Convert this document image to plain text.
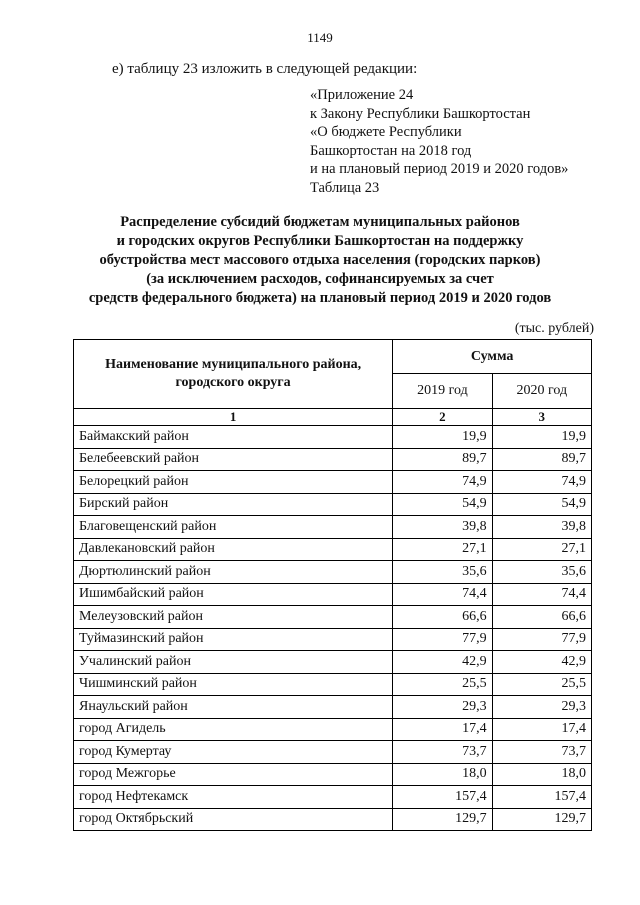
1149
е) таблицу 23 изложить в следующей редакции:
«Приложение 24
к Закону Республики Башкортостан
«О бюджете Республики
Башкортостан на 2018 год
и на плановый период 2019 и 2020 годов»
Таблица 23
Распределение субсидий бюджетам муниципальных районов
и городских округов Республики Башкортостан на поддержку
обустройства мест массового отдыха населения (городских парков)
(за исключением расходов, софинансируемых за счет
средств федерального бюджета) на плановый период 2019 и 2020 годов
(тыс. рублей)
Наименование муниципального района,
городского округа	Сумма	
	2019 год	2020 год
1	2	3
Баймакский район	19,9	19,9
Белебеевский район	89,7	89,7
Белорецкий район	74,9	74,9
Бирский район	54,9	54,9
Благовещенский район	39,8	39,8
Давлекановский район	27,1	27,1
Дюртюлинский район	35,6	35,6
Ишимбайский район	74,4	74,4
Мелеузовский район	66,6	66,6
Туймазинский район	77,9	77,9
Учалинский район	42,9	42,9
Чишминский район	25,5	25,5
Янаульский район	29,3	29,3
город Агидель	17,4	17,4
город Кумертау	73,7	73,7
город Межгорье	18,0	18,0
город Нефтекамск	157,4	157,4
город Октябрьский	129,7	129,7
